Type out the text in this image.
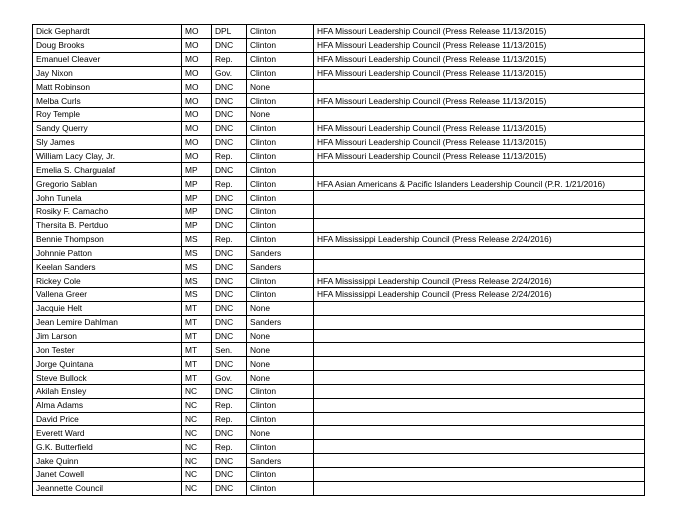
Dick Gephardt	MO	DPL	Clinton	HFA Missouri Leadership Council (Press Release 11/13/2015)
Doug Brooks	MO	DNC	Clinton	HFA Missouri Leadership Council (Press Release 11/13/2015)
Emanuel Cleaver	MO	Rep.	Clinton	HFA Missouri Leadership Council (Press Release 11/13/2015)
Jay Nixon	MO	Gov.	Clinton	HFA Missouri Leadership Council (Press Release 11/13/2015)
Matt Robinson	MO	DNC	None	
Melba Curls	MO	DNC	Clinton	HFA Missouri Leadership Council (Press Release 11/13/2015)
Roy Temple	MO	DNC	None	
Sandy Querry	MO	DNC	Clinton	HFA Missouri Leadership Council (Press Release 11/13/2015)
Sly James	MO	DNC	Clinton	HFA Missouri Leadership Council (Press Release 11/13/2015)
William Lacy Clay, Jr.	MO	Rep.	Clinton	HFA Missouri Leadership Council (Press Release 11/13/2015)
Emelia S. Chargualaf	MP	DNC	Clinton	
Gregorio Sablan	MP	Rep.	Clinton	HFA Asian Americans & Pacific Islanders Leadership Council (P.R. 1/21/2016)
John Tunela	MP	DNC	Clinton	
Rosiky F. Camacho	MP	DNC	Clinton	
Thersita B. Pertduo	MP	DNC	Clinton	
Bennie Thompson	MS	Rep.	Clinton	HFA Mississippi Leadership Council (Press Release 2/24/2016)
Johnnie Patton	MS	DNC	Sanders	
Keelan Sanders	MS	DNC	Sanders	
Rickey Cole	MS	DNC	Clinton	HFA Mississippi Leadership Council (Press Release 2/24/2016)
Vallena Greer	MS	DNC	Clinton	HFA Mississippi Leadership Council (Press Release 2/24/2016)
Jacquie Helt	MT	DNC	None	
Jean Lemire Dahlman	MT	DNC	Sanders	
Jim Larson	MT	DNC	None	
Jon Tester	MT	Sen.	None	
Jorge Quintana	MT	DNC	None	
Steve Bullock	MT	Gov.	None	
Akilah Ensley	NC	DNC	Clinton	
Alma Adams	NC	Rep.	Clinton	
David Price	NC	Rep.	Clinton	
Everett Ward	NC	DNC	None	
G.K. Butterfield	NC	Rep.	Clinton	
Jake Quinn	NC	DNC	Sanders	
Janet Cowell	NC	DNC	Clinton	
Jeannette Council	NC	DNC	Clinton	
